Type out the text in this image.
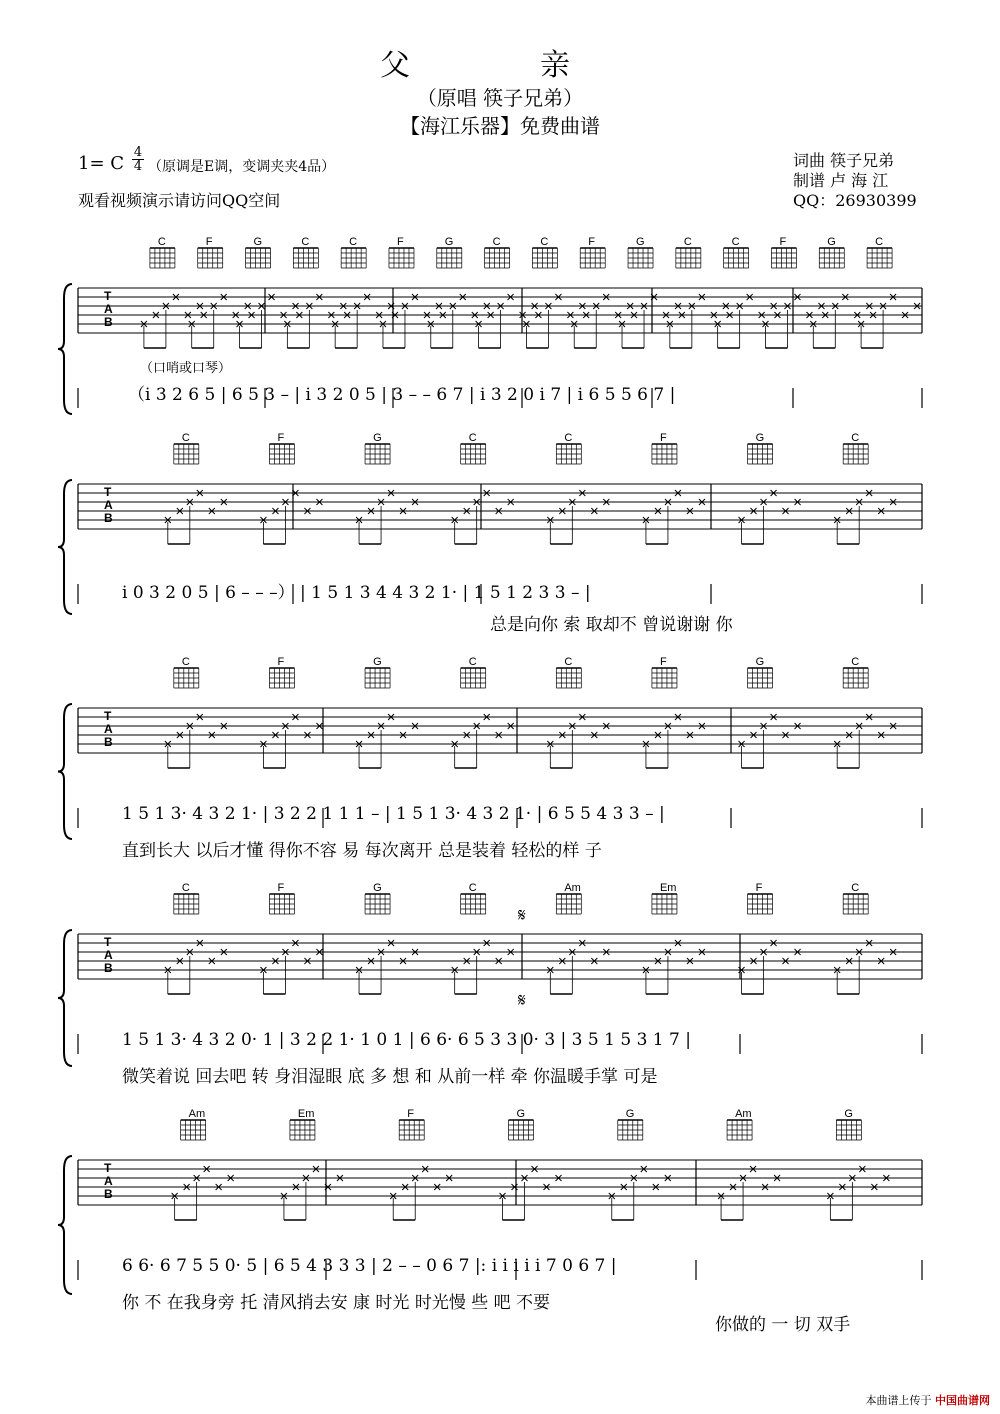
父　亲
（原唱 筷子兄弟）
【海江乐器】免费曲谱
1= C
4
4 （原调是E调，变调夹夹4品）
观看视频演示请访问QQ空间
词曲 筷子兄弟
制谱 卢 海 江
QQ：26930399
（口哨或口琴）
T
A
B
C	F	G	C	C	F	G	C	C	F	G	C	C	F	G	C
T
A
B
C	F	G	C	C	F	G	C
T
A
B
C	F	G	C	C	F	G	C
T
A
B
C	F	G	C	Am	Em	F	C
T
A
B
Am	Em	F	G	G	Am	G
（i 3 2 6 5 | 6 5 3 – | i 3 2 0 5 | 3 – – 6 7 | i 3 2 0 i 7 | i 6 5 5 6 7 |
i 0 3 2 0 5 | 6 – – –） | 1 5 1 3 4 4 3 2 1· | 1 5 1 2 3 3 – |
总是向你 索 取却不 曾说谢谢 你
1 5 1 3· 4 3 2 1· | 3 2 2 1 1 1 – | 1 5 1 3· 4 3 2 1· | 6 5 5 4 3 3 – |
直到长大 以后才懂 得你不容 易 每次离开 总是装着 轻松的样 子
1 5 1 3· 4 3 2 0· 1 | 3 2 2 1· 1 0 1 | 6 6· 6 5 3 3 0· 3 | 3 5 1 5 3 1 7 |
微笑着说 回去吧 转 身泪湿眼 底 多 想 和 从前一样 牵 你温暖手掌 可是
6 6· 6 7 5 5 0· 5 | 6 5 4 3 3 3 | 2 – – 0 6 7 |: i i i i i 7 0 6 7 |
你 不 在我身旁 托 清风捎去安 康 时光 时光慢 些 吧 不要
你做的 一 切 双手
𝄋
𝄋
本曲谱上传于 中国曲谱网
